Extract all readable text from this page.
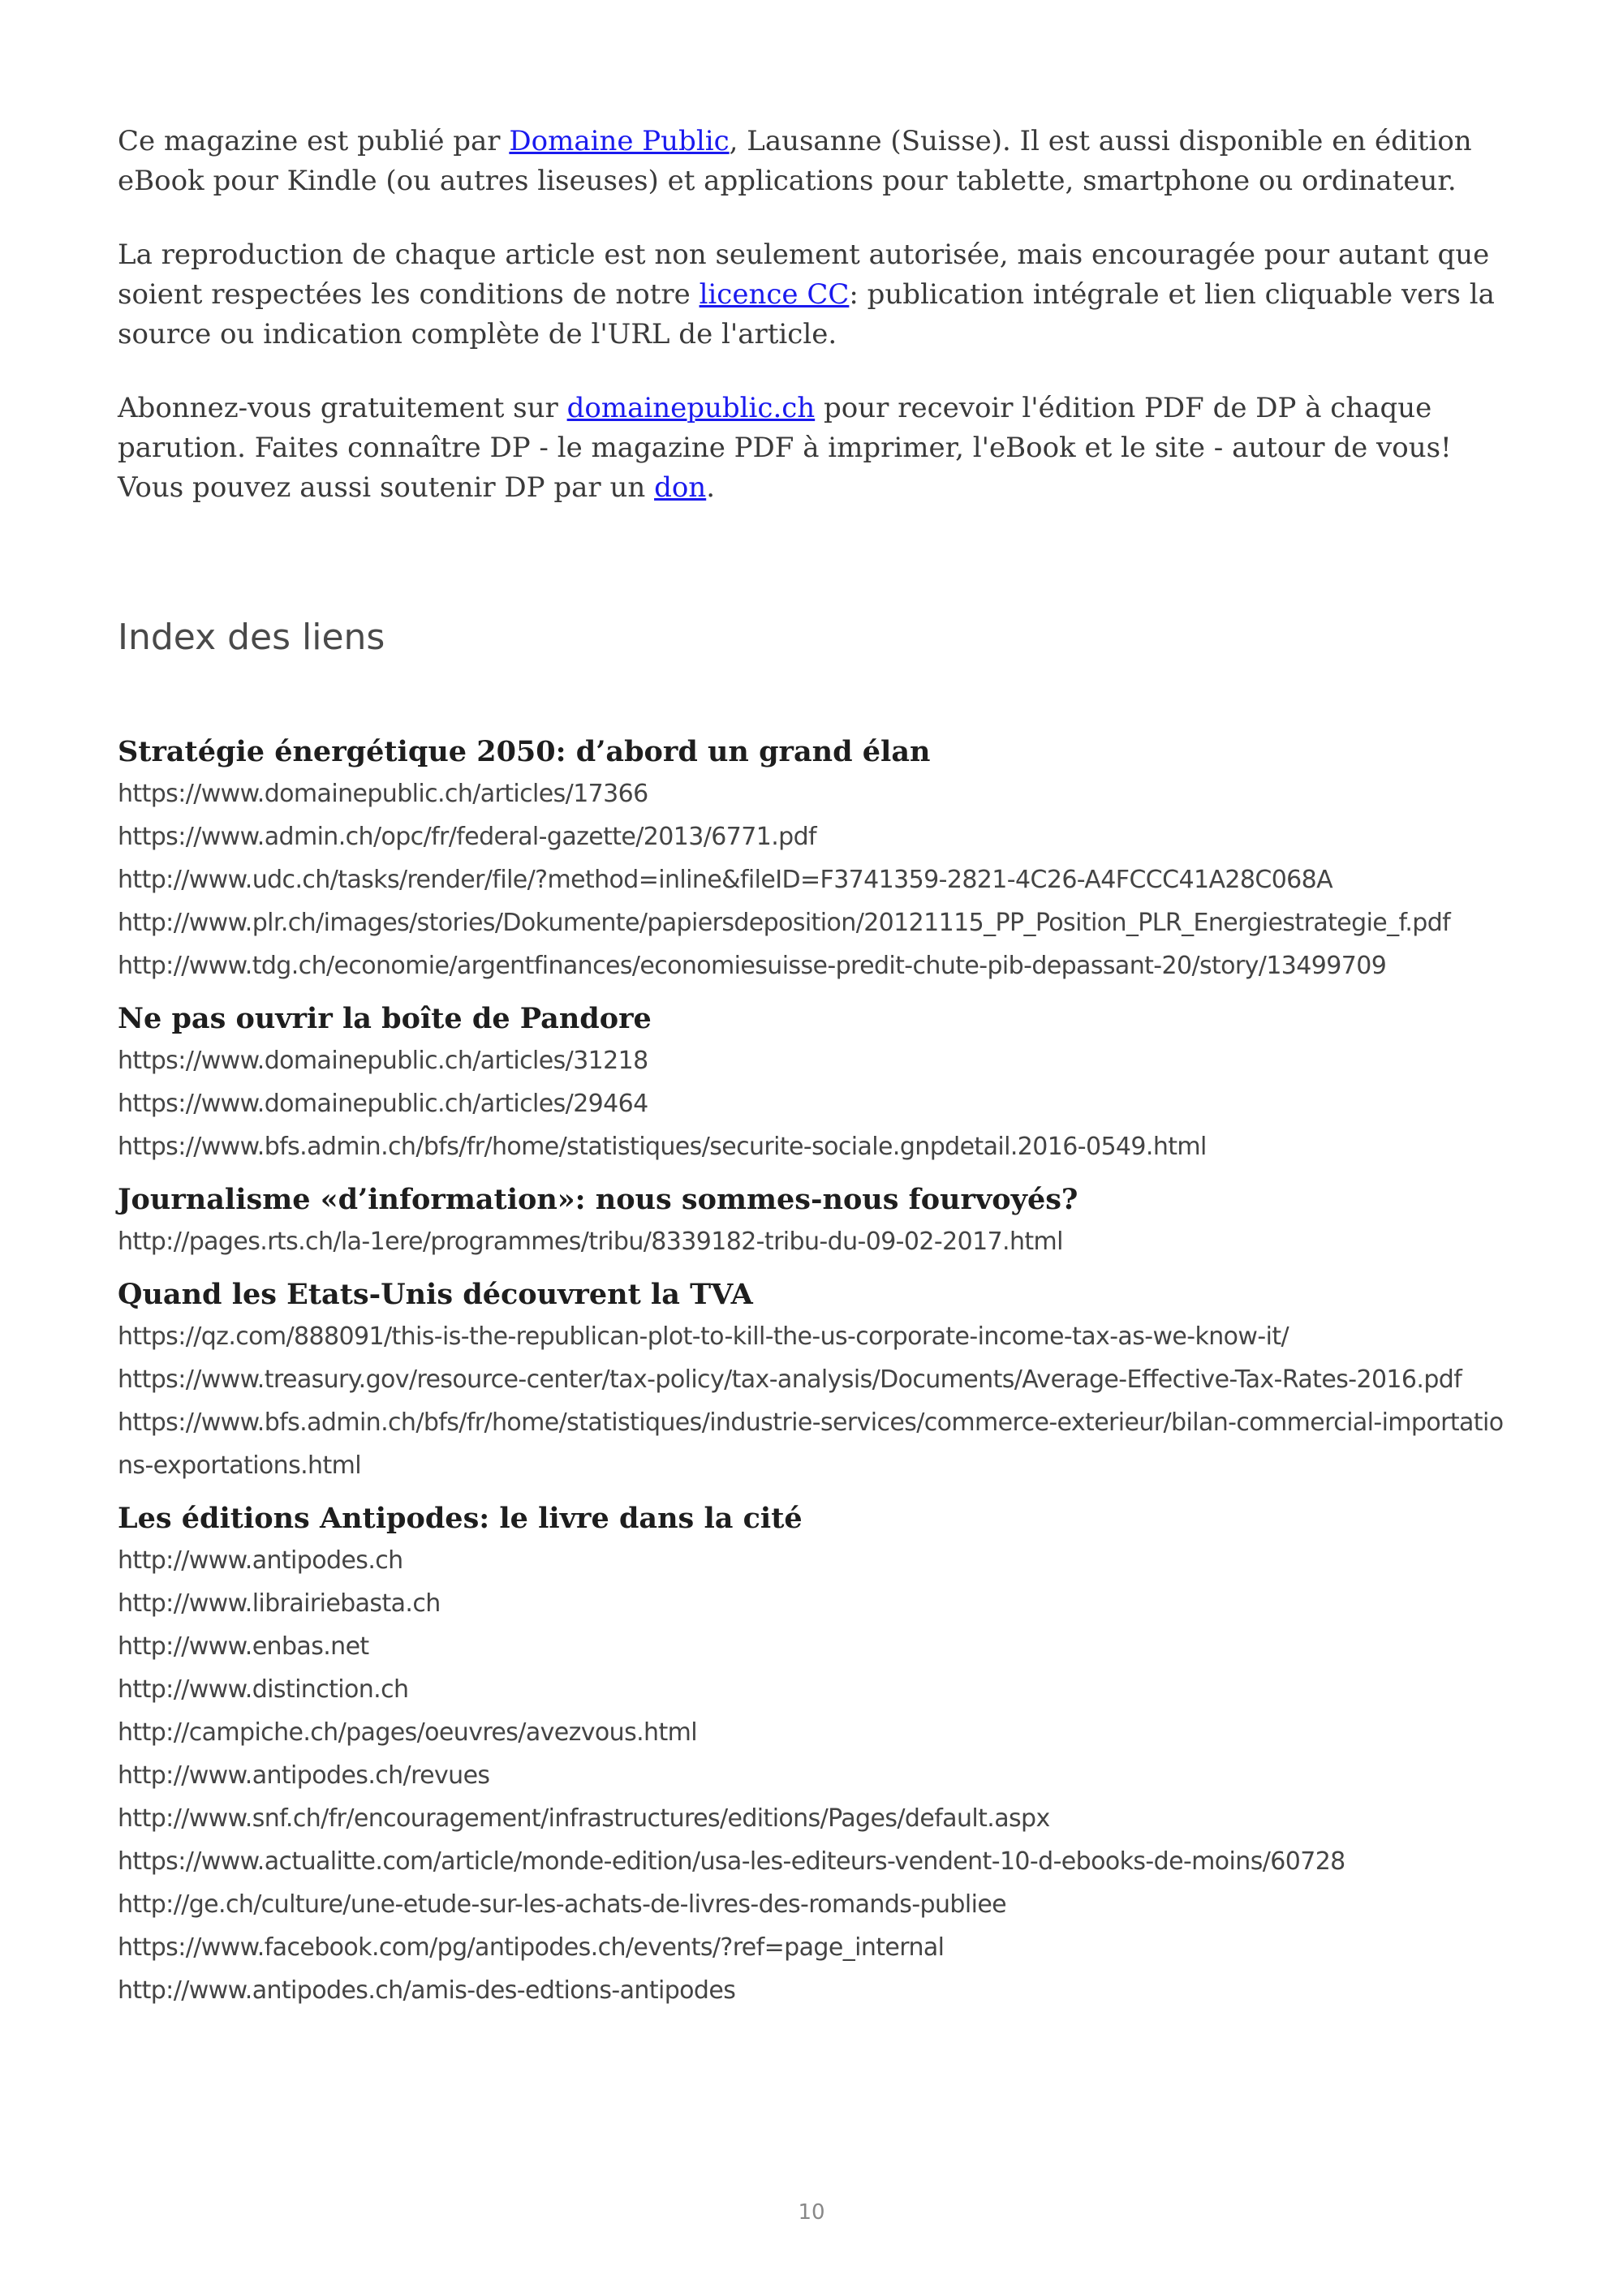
Ce magazine est publié par Domaine Public, Lausanne (Suisse). Il est aussi disponible en édition eBook pour Kindle (ou autres liseuses) et applications pour tablette, smartphone ou ordinateur.

La reproduction de chaque article est non seulement autorisée, mais encouragée pour autant que soient respectées les conditions de notre licence CC: publication intégrale et lien cliquable vers la source ou indication complète de l'URL de l'article.

Abonnez-vous gratuitement sur domainepublic.ch pour recevoir l'édition PDF de DP à chaque parution. Faites connaître DP - le magazine PDF à imprimer, l'eBook et le site - autour de vous! Vous pouvez aussi soutenir DP par un don.

Index des liens
Stratégie énergétique 2050: d’abord un grand élan
https://www.domainepublic.ch/articles/17366
https://www.admin.ch/opc/fr/federal-gazette/2013/6771.pdf
http://www.udc.ch/tasks/render/file/?method=inline&fileID=F3741359-2821-4C26-A4FCCC41A28C068A
http://www.plr.ch/images/stories/Dokumente/papiersdeposition/20121115_PP_Position_PLR_Energiestrategie_f.pdf
http://www.tdg.ch/economie/argentfinances/economiesuisse-predit-chute-pib-depassant-20/story/13499709
Ne pas ouvrir la boîte de Pandore
https://www.domainepublic.ch/articles/31218
https://www.domainepublic.ch/articles/29464
https://www.bfs.admin.ch/bfs/fr/home/statistiques/securite-sociale.gnpdetail.2016-0549.html
Journalisme «d’information»: nous sommes-nous fourvoyés?
http://pages.rts.ch/la-1ere/programmes/tribu/8339182-tribu-du-09-02-2017.html
Quand les Etats-Unis découvrent la TVA
https://qz.com/888091/this-is-the-republican-plot-to-kill-the-us-corporate-income-tax-as-we-know-it/
https://www.treasury.gov/resource-center/tax-policy/tax-analysis/Documents/Average-Effective-Tax-Rates-2016.pdf
https://www.bfs.admin.ch/bfs/fr/home/statistiques/industrie-services/commerce-exterieur/bilan-commercial-importations-exportations.html
Les éditions Antipodes: le livre dans la cité
http://www.antipodes.ch
http://www.librairiebasta.ch
http://www.enbas.net
http://www.distinction.ch
http://campiche.ch/pages/oeuvres/avezvous.html
http://www.antipodes.ch/revues
http://www.snf.ch/fr/encouragement/infrastructures/editions/Pages/default.aspx
https://www.actualitte.com/article/monde-edition/usa-les-editeurs-vendent-10-d-ebooks-de-moins/60728
http://ge.ch/culture/une-etude-sur-les-achats-de-livres-des-romands-publiee
https://www.facebook.com/pg/antipodes.ch/events/?ref=page_internal
http://www.antipodes.ch/amis-des-edtions-antipodes
10
